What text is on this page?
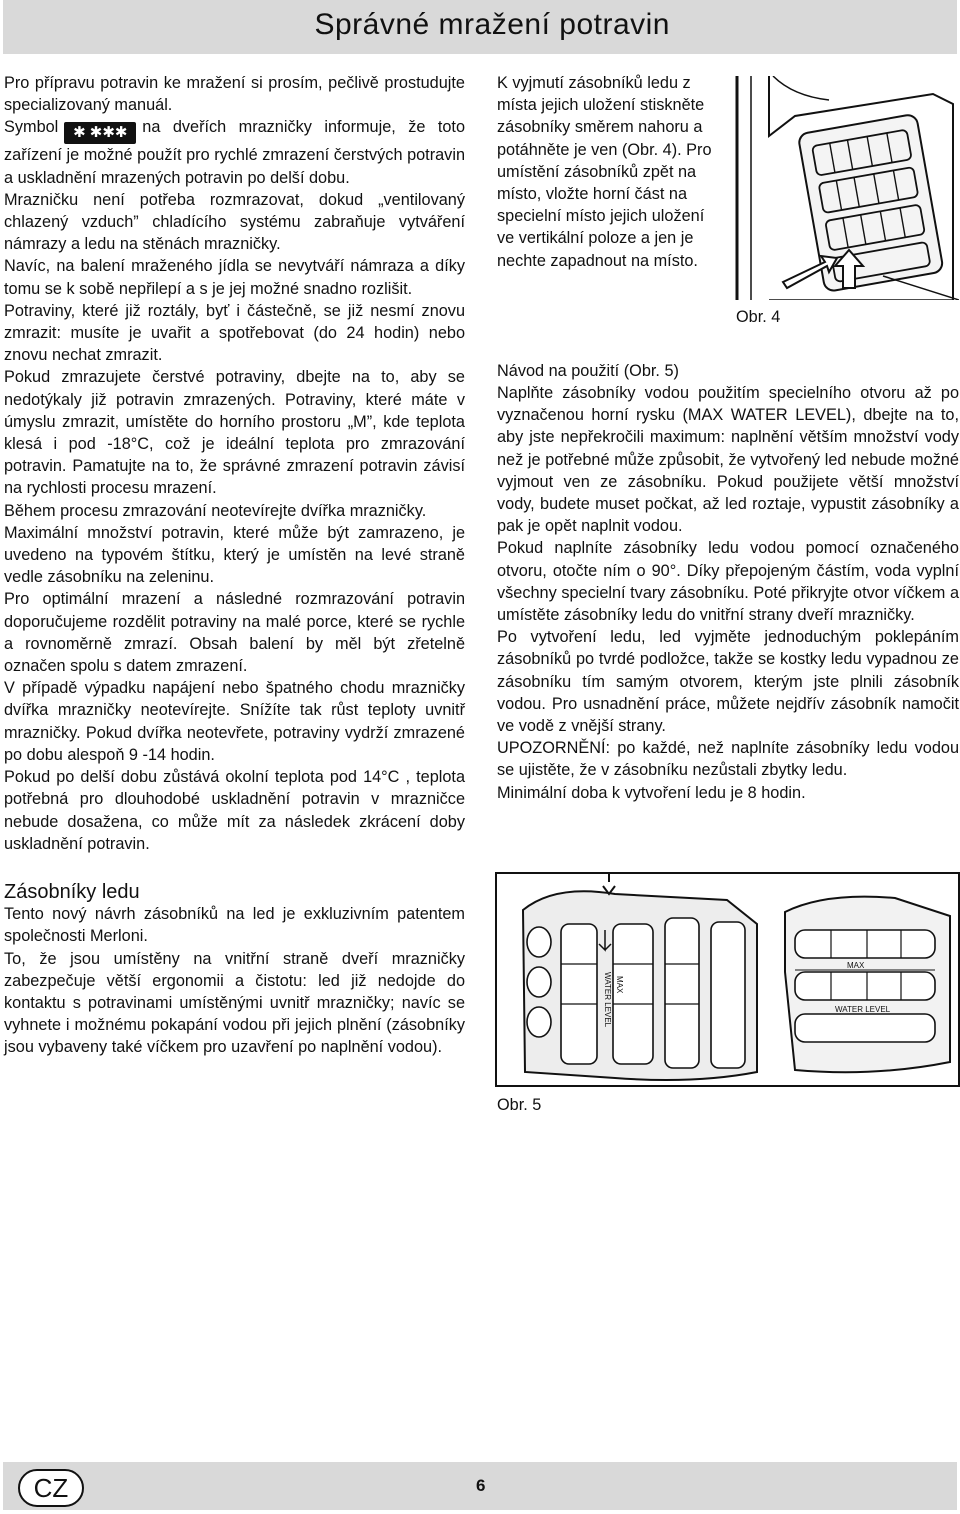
Správné mražení potravin

Pro přípravu potravin ke mražení si prosím, pečlivě prostudujte specializovaný manuál.

Symbol ✱ ✱✱✱ na dveřích mrazničky informuje, že toto zařízení je možné použít pro rychlé zmrazení čerstvých potravin a uskladnění mrazených potravin po delší dobu.

Mrazničku není potřeba rozmrazovat, dokud „ventilovaný chlazený vzduch” chladícího systému zabraňuje vytváření námrazy a ledu na stěnách mrazničky.

Navíc, na balení mraženého jídla se nevytváří námraza a díky tomu se k sobě nepřilepí a s je jej možné snadno rozlišit.

Potraviny, které již roztály, byť i částečně, se již nesmí znovu zmrazit: musíte je uvařit a spotřebovat (do 24 hodin) nebo znovu nechat zmrazit.

Pokud zmrazujete čerstvé potraviny, dbejte na to, aby se nedotýkaly již potravin zmrazených. Potraviny, které máte v úmyslu zmrazit, umístěte do horního prostoru „M”, kde teplota klesá i pod -18°C, což je ideální teplota pro zmrazování potravin. Pamatujte na to, že správné zmrazení potravin závisí na rychlosti procesu mrazení.

Během procesu zmrazování neotevírejte dvířka mrazničky.

Maximální množství potravin, které může být zamrazeno, je uvedeno na typovém štítku, který je umístěn na levé straně vedle zásobníku na zeleninu.

Pro optimální mrazení a následné rozmrazování potravin doporučujeme rozdělit potraviny na malé porce, které se rychle a rovnoměrně zmrazí. Obsah balení by měl být zřetelně označen spolu s datem zmrazení.

V případě výpadku napájení nebo špatného chodu mrazničky dvířka mrazničky neotevírejte. Snížíte tak růst teploty uvnitř mrazničky. Pokud dvířka neotevřete, potraviny vydrží zmrazené po dobu alespoň 9 -14 hodin.

Pokud po delší dobu zůstává okolní teplota pod 14°C , teplota potřebná pro dlouhodobé uskladnění potravin v mrazničce nebude dosažena, co může mít za následek zkrácení doby uskladnění potravin.

Zásobníky ledu

Tento nový návrh zásobníků na led je exkluzivním patentem společnosti Merloni.

To, že jsou umístěny na vnitřní straně dveří mrazničky zabezpečuje větší ergonomii a čistotu: led již nedojde do kontaktu s potravinami umístěnými uvnitř mrazničky; navíc se vyhnete i možnému pokapání vodou při jejich plnění (zásobníky jsou vybaveny také víčkem pro uzavření po naplnění vodou).

K vyjmutí zásobníků ledu z místa jejich uložení stiskněte zásobníky směrem nahoru a potáhněte je ven (Obr. 4). Pro umístění zásobníků zpět na místo, vložte horní část na specielní místo jejich uložení ve vertikální poloze a jen je nechte zapadnout na místo.

Návod na použití (Obr. 5)

Naplňte zásobníky vodou použitím specielního otvoru až po vyznačenou horní rysku (MAX WATER LEVEL), dbejte na to, aby jste nepřekročili maximum: naplnění větším množství vody než je potřebné může způsobit, že vytvořený led nebude možné vyjmout ven ze zásobníku. Pokud použijete větší množství vody, budete muset počkat, až led roztaje, vypustit zásobníky a pak je opět naplnit vodou.

Pokud naplníte zásobníky ledu vodou pomocí označeného otvoru, otočte ním o 90°. Díky přepojeným částím, voda vyplní všechny specielní tvary zásobníku. Poté přikryjte otvor víčkem a umístěte zásobníky ledu do vnitřní strany dveří mrazničky.

Po vytvoření ledu, led vyjměte jednoduchým poklepáním zásobníků po tvrdé podložce, takže se kostky ledu vypadnou ze zásobníku tím samým otvorem, kterým jste plnili zásobník vodou. Pro usnadnění práce, můžete nejdřív zásobník namočit ve vodě z vnější strany.

UPOZORNĚNÍ: po každé, než naplníte zásobníky ledu vodou se ujistěte, že v zásobníku nezůstali zbytky ledu.

Minimální doba k vytvoření ledu je 8 hodin.

Obr. 4
WATER LEVEL MAX
MAX
WATER LEVEL
Obr. 5
CZ	6
